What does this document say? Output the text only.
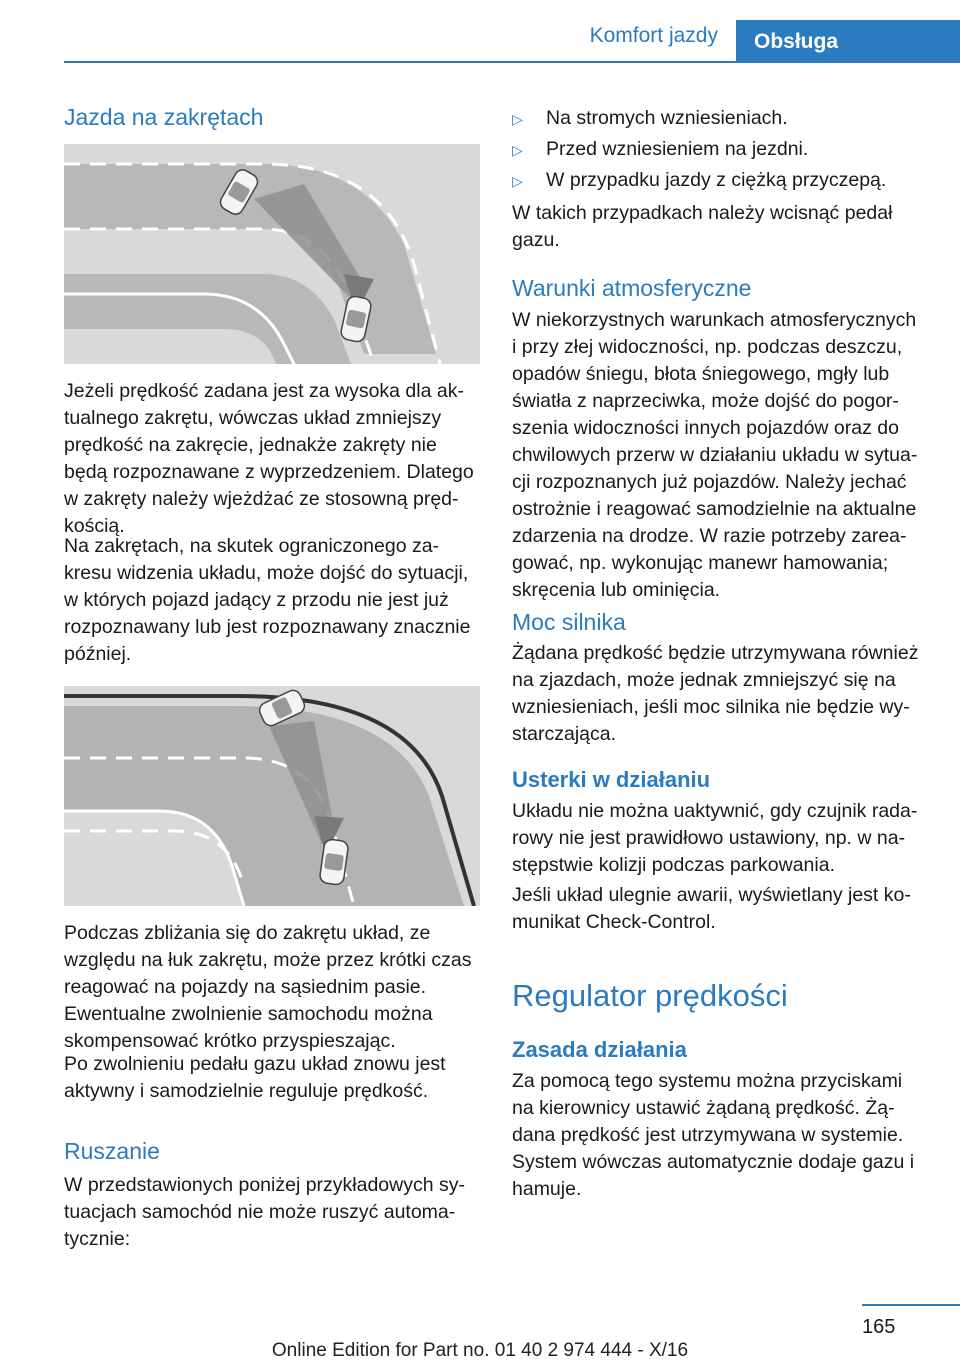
Komfort jazdy	Obsługa
Jazda na zakrętach

Jeżeli prędkość zadana jest za wysoka dla ak-
tualnego zakrętu, wówczas układ zmniejszy
prędkość na zakręcie, jednakże zakręty nie
będą rozpoznawane z wyprzedzeniem. Dlatego
w zakręty należy wjeżdżać ze stosowną pręd-
kością.

Na zakrętach, na skutek ograniczonego za-
kresu widzenia układu, może dojść do sytuacji,
w których pojazd jadący z przodu nie jest już
rozpoznawany lub jest rozpoznawany znacznie
później.

Podczas zbliżania się do zakrętu układ, ze
względu na łuk zakrętu, może przez krótki czas
reagować na pojazdy na sąsiednim pasie.
Ewentualne zwolnienie samochodu można
skompensować krótko przyspieszając.

Po zwolnieniu pedału gazu układ znowu jest
aktywny i samodzielnie reguluje prędkość.

Ruszanie

W przedstawionych poniżej przykładowych sy-
tuacjach samochód nie może ruszyć automa-
tycznie:

▷ Na stromych wzniesieniach.
▷ Przed wzniesieniem na jezdni.
▷ W przypadku jazdy z ciężką przyczepą.

W takich przypadkach należy wcisnąć pedał
gazu.

Warunki atmosferyczne

W niekorzystnych warunkach atmosferycznych
i przy złej widoczności, np. podczas deszczu,
opadów śniegu, błota śniegowego, mgły lub
światła z naprzeciwka, może dojść do pogor-
szenia widoczności innych pojazdów oraz do
chwilowych przerw w działaniu układu w sytua-
cji rozpoznanych już pojazdów. Należy jechać
ostrożnie i reagować samodzielnie na aktualne
zdarzenia na drodze. W razie potrzeby zarea-
gować, np. wykonując manewr hamowania;
skręcenia lub ominięcia.

Moc silnika

Żądana prędkość będzie utrzymywana również
na zjazdach, może jednak zmniejszyć się na
wzniesieniach, jeśli moc silnika nie będzie wy-
starczająca.

Usterki w działaniu

Układu nie można uaktywnić, gdy czujnik rada-
rowy nie jest prawidłowo ustawiony, np. w na-
stępstwie kolizji podczas parkowania.

Jeśli układ ulegnie awarii, wyświetlany jest ko-
munikat Check-Control.

Regulator prędkości
Zasada działania

Za pomocą tego systemu można przyciskami
na kierownicy ustawić żądaną prędkość. Żą-
dana prędkość jest utrzymywana w systemie.
System wówczas automatycznie dodaje gazu i
hamuje.

165
Online Edition for Part no. 01 40 2 974 444 - X/16
